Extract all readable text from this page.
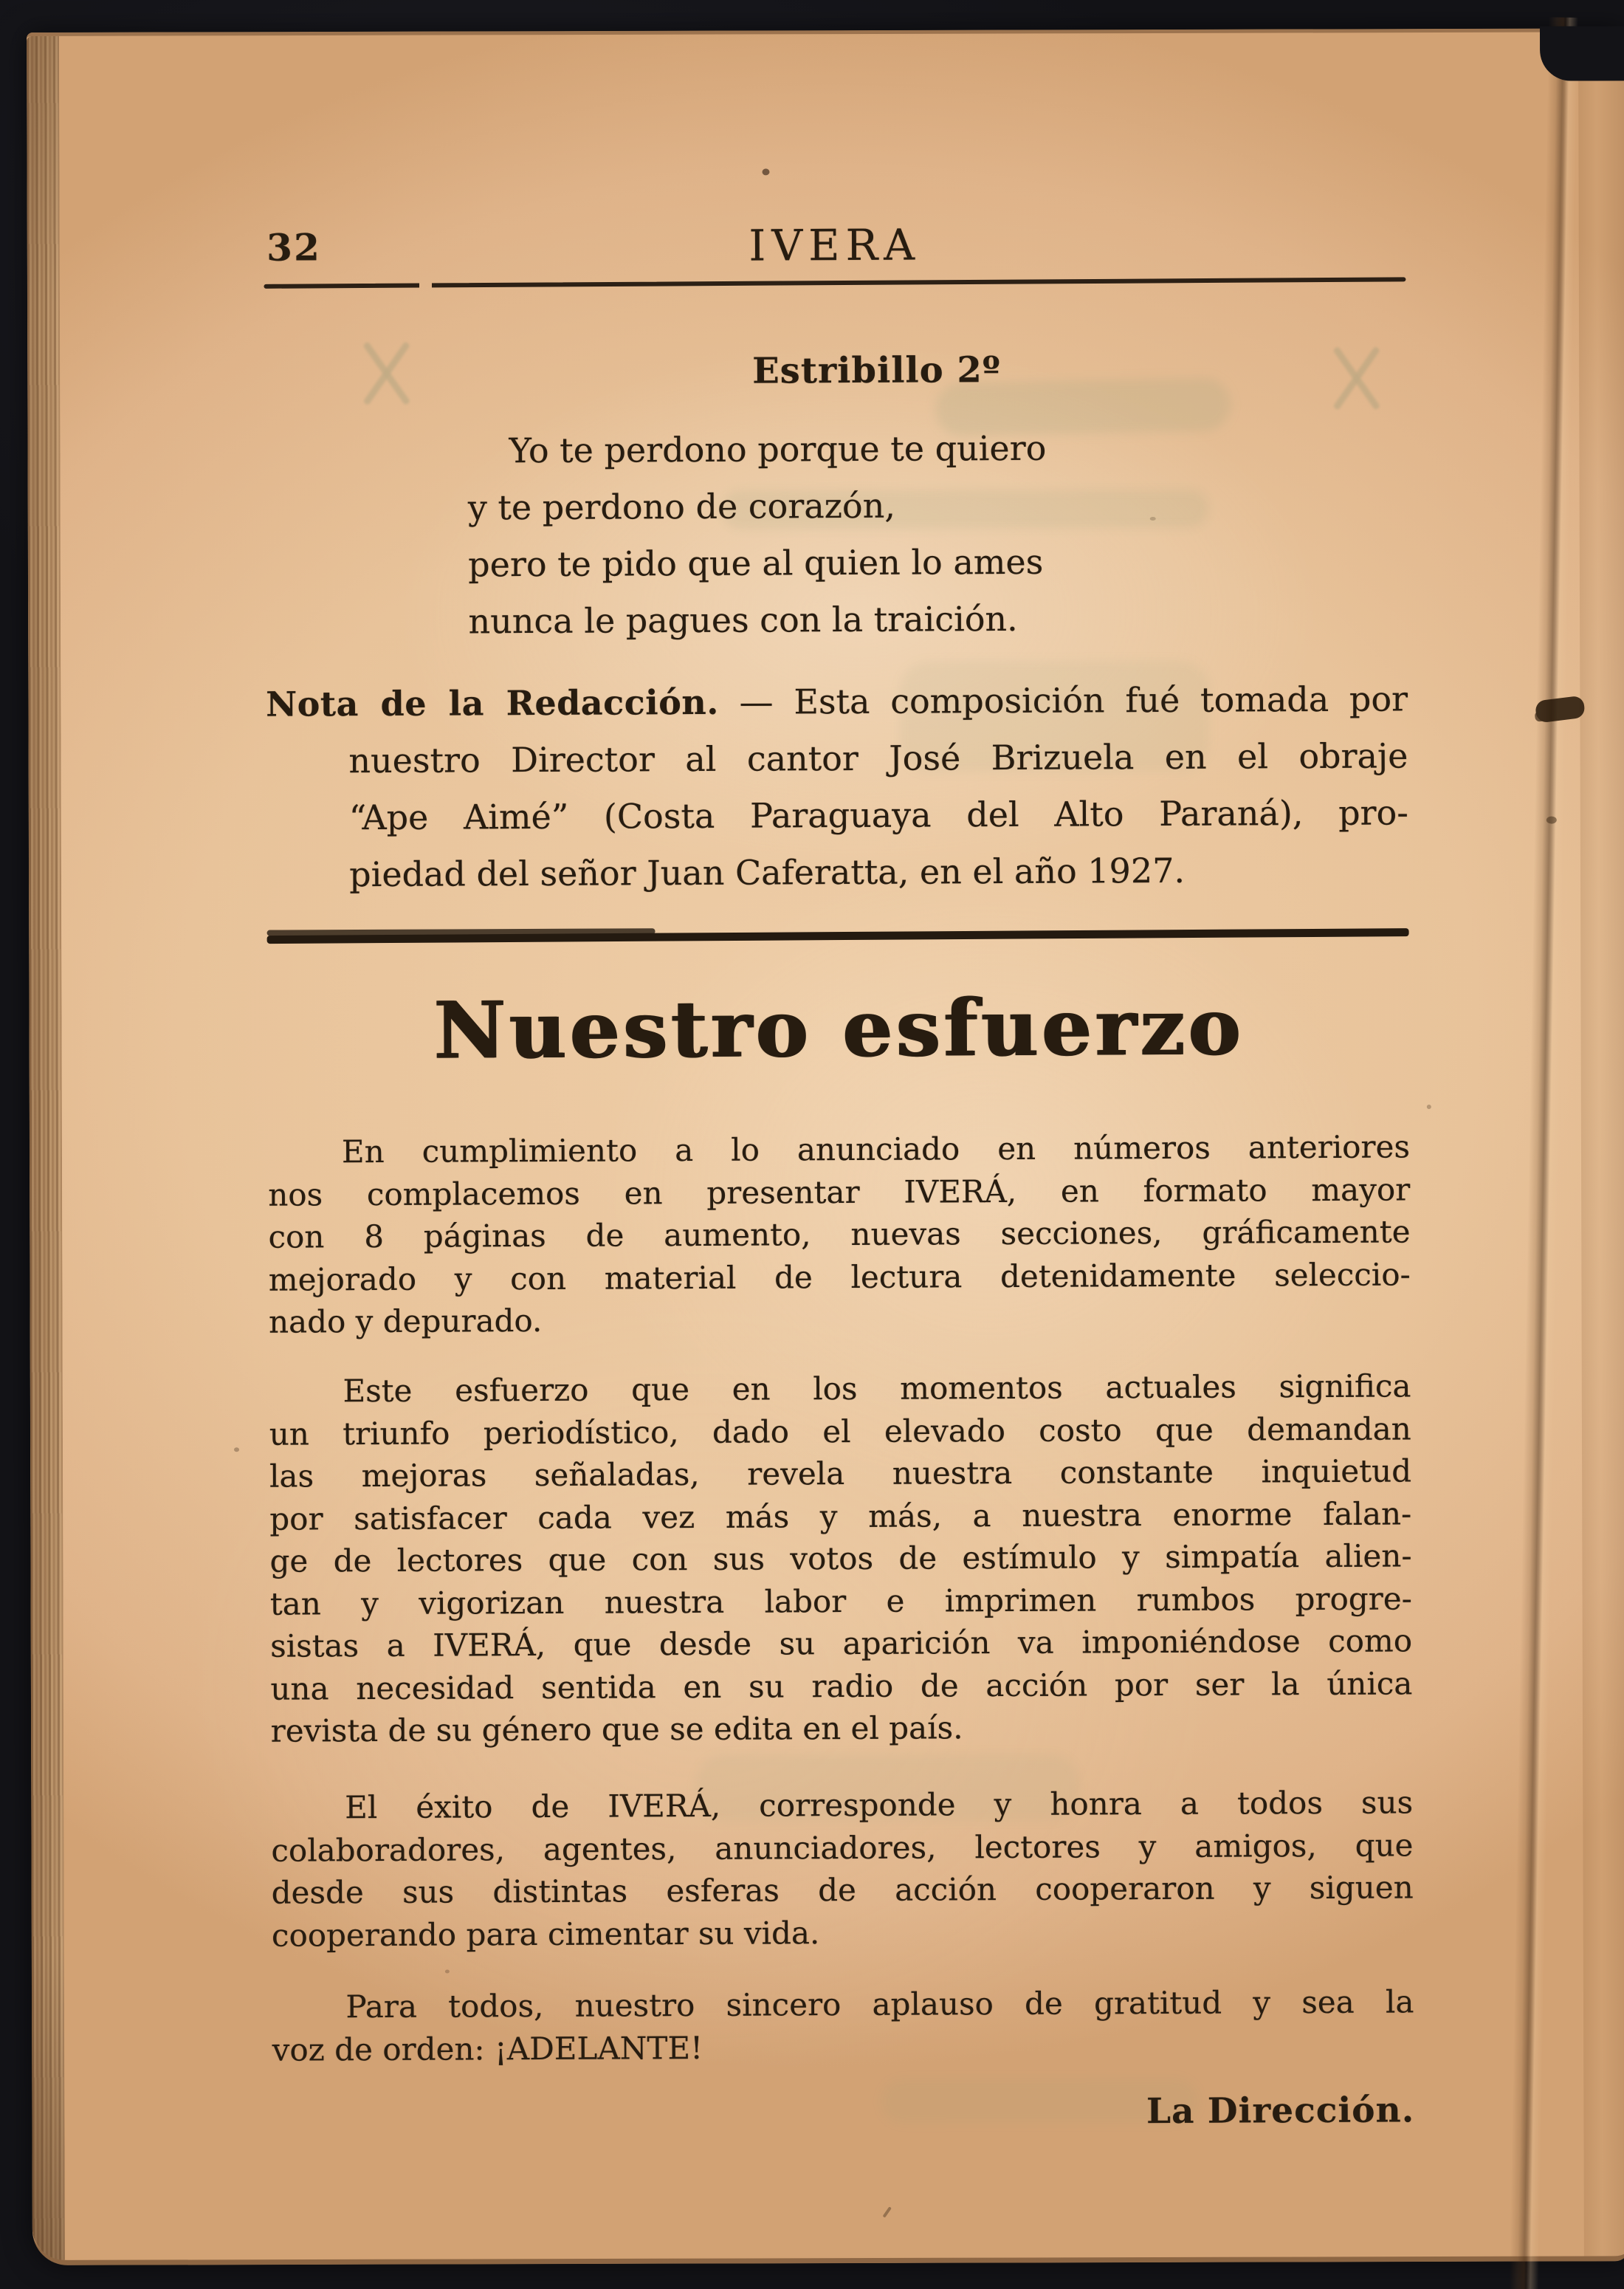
32	IVERA
Estribillo 2º
Yo te perdono porque te quiero
y te perdono de corazón,
pero te pido que al quien lo ames
nunca le pagues con la traición.
Nota de la Redacción. — Esta composición fué tomada por
nuestro Director al cantor José Brizuela en el obraje
“Ape Aimé” (Costa Paraguaya del Alto Paraná), pro-
piedad del señor Juan Caferatta, en el año 1927.
Nuestro esfuerzo
En cumplimiento a lo anunciado en números anteriores
nos complacemos en presentar IVERÁ, en formato mayor
con 8 páginas de aumento, nuevas secciones, gráficamente
mejorado y con material de lectura detenidamente seleccio-
nado y depurado.
Este esfuerzo que en los momentos actuales significa
un triunfo periodístico, dado el elevado costo que demandan
las mejoras señaladas, revela nuestra constante inquietud
por satisfacer cada vez más y más, a nuestra enorme falan-
ge de lectores que con sus votos de estímulo y simpatía alien-
tan y vigorizan nuestra labor e imprimen rumbos progre-
sistas a IVERÁ, que desde su aparición va imponiéndose como
una necesidad sentida en su radio de acción por ser la única
revista de su género que se edita en el país.
El éxito de IVERÁ, corresponde y honra a todos sus
colaboradores, agentes, anunciadores, lectores y amigos, que
desde sus distintas esferas de acción cooperaron y siguen
cooperando para cimentar su vida.
Para todos, nuestro sincero aplauso de gratitud y sea la
voz de orden: ¡ADELANTE!
La Dirección.
